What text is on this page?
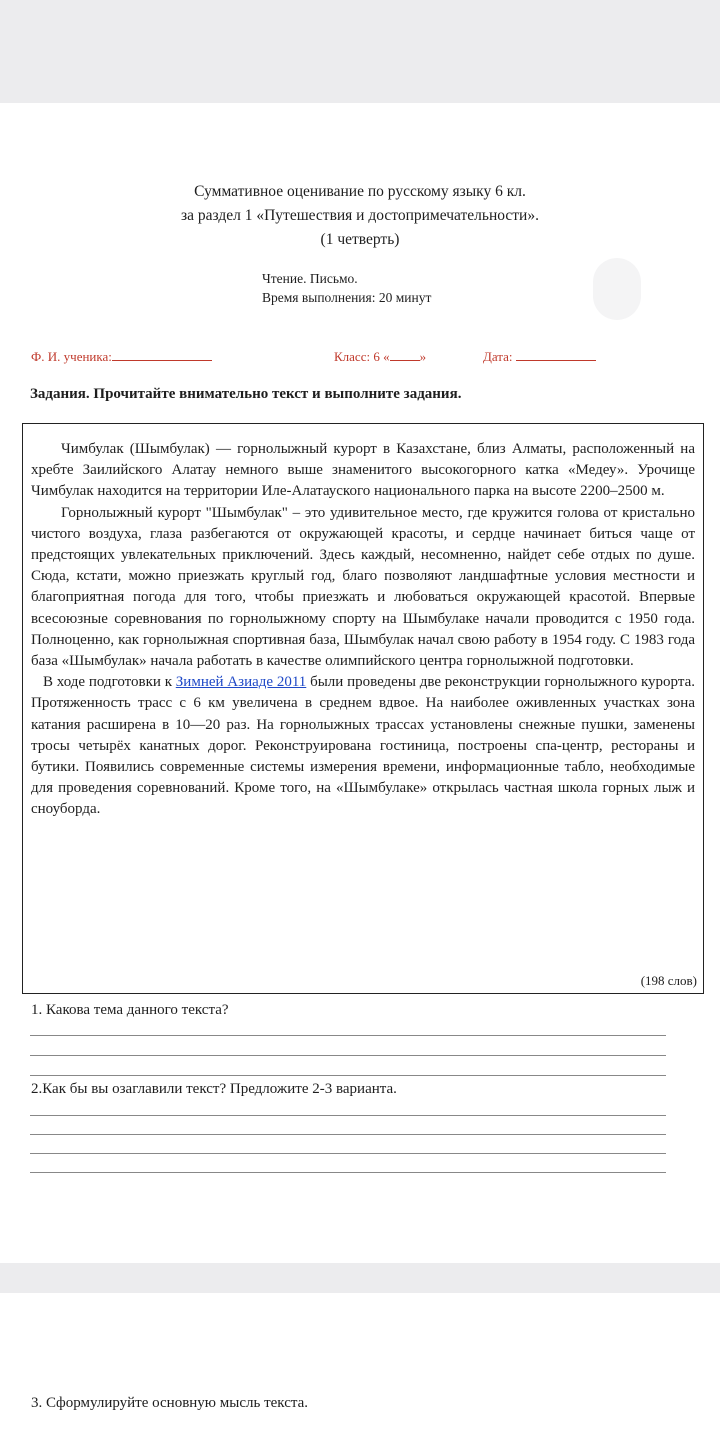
Суммативное оценивание по русскому языку 6 кл.
за раздел 1 «Путешествия и достопримечательности».
(1 четверть)
Чтение. Письмо.
Время выполнения: 20 минут
Ф. И. ученика:	Класс: 6 « »	Дата:
Задания. Прочитайте внимательно текст и выполните задания.

Чимбулак (Шымбулак) — горнолыжный курорт в Казахстане, близ Алматы, расположенный на хребте Заилийского Алатау немного выше знаменитого высокогорного катка «Медеу». Урочище Чимбулак находится на территории Иле-Алатауского национального парка на высоте 2200–2500 м.

Горнолыжный курорт "Шымбулак" – это удивительное место, где кружится голова от кристально чистого воздуха, глаза разбегаются от окружающей красоты, и сердце начинает биться чаще от предстоящих увлекательных приключений. Здесь каждый, несомненно, найдет себе отдых по душе. Сюда, кстати, можно приезжать круглый год, благо позволяют ландшафтные условия местности и благоприятная погода для того, чтобы приезжать и любоваться окружающей красотой. Впервые всесоюзные соревнования по горнолыжному спорту на Шымбулаке начали проводится с 1950 года. Полноценно, как горнолыжная спортивная база, Шымбулак начал свою работу в 1954 году. С 1983 года база «Шымбулак» начала работать в качестве олимпийского центра горнолыжной подготовки.

В ходе подготовки к Зимней Азиаде 2011 были проведены две реконструкции горнолыжного курорта. Протяженность трасс с 6 км увеличена в среднем вдвое. На наиболее оживленных участках зона катания расширена в 10—20 раз. На горнолыжных трассах установлены снежные пушки, заменены тросы четырёх канатных дорог. Реконструирована гостиница, построены спа-центр, рестораны и бутики. Появились современные системы измерения времени, информационные табло, необходимые для проведения соревнований. Кроме того, на «Шымбулаке» открылась частная школа горных лыж и сноуборда.

(198 слов)
1. Какова тема данного текста?
2.Как бы вы озаглавили текст? Предложите 2-3 варианта.
3. Сформулируйте основную мысль текста.
